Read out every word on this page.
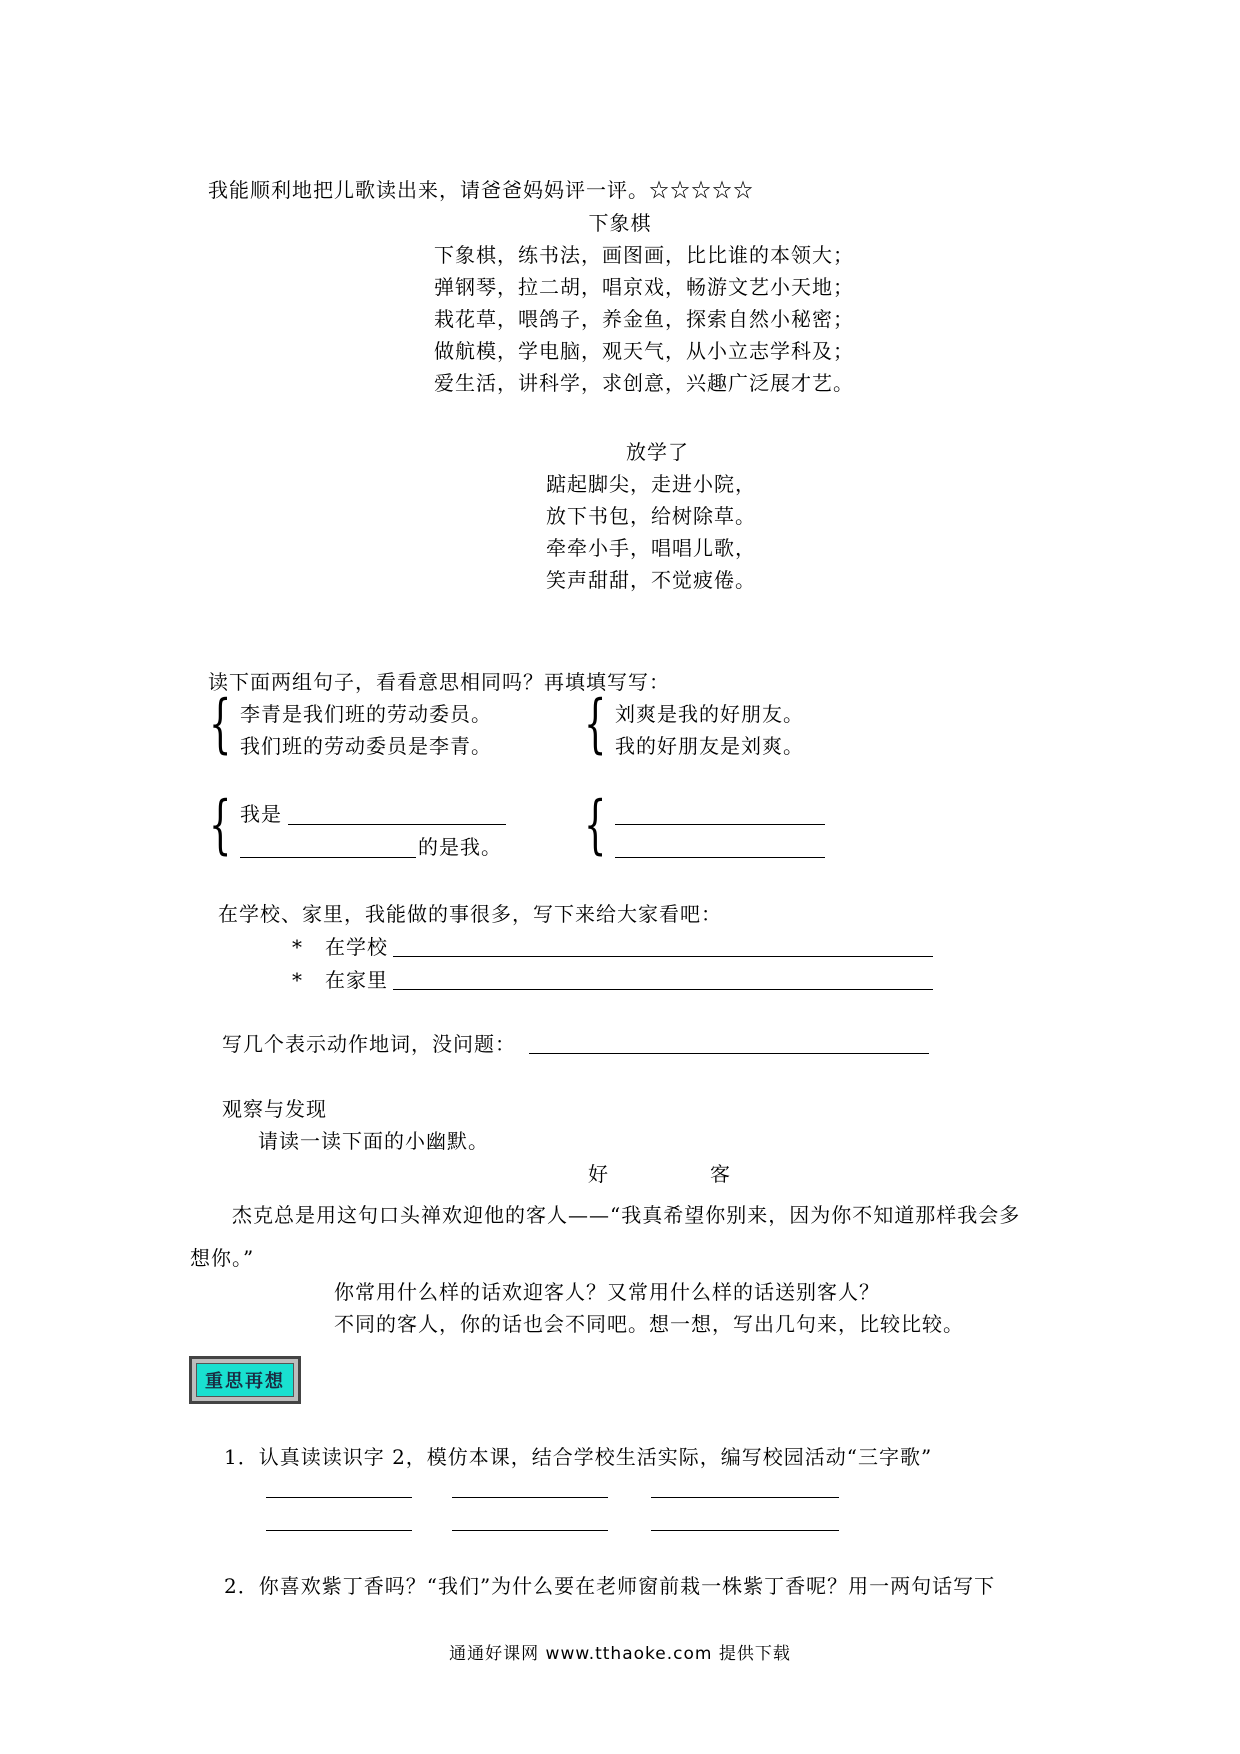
我能顺利地把儿歌读出来，请爸爸妈妈评一评。☆☆☆☆☆
下象棋
下象棋，练书法，画图画，比比谁的本领大；
弹钢琴，拉二胡，唱京戏，畅游文艺小天地；
栽花草，喂鸽子，养金鱼，探索自然小秘密；
做航模，学电脑，观天气，从小立志学科及；
爱生活，讲科学，求创意，兴趣广泛展才艺。
放学了
踮起脚尖，走进小院，
放下书包，给树除草。
牵牵小手，唱唱儿歌，
笑声甜甜，不觉疲倦。
读下面两组句子，看看意思相同吗？再填填写写：
{ 李青是我们班的劳动委员。
我们班的劳动委员是李青。 { 刘爽是我的好朋友。
我的好朋友是刘爽。
{ 我是
的是我。 {
在学校、家里，我能做的事很多，写下来给大家看吧：
* 在学校
* 在家里
写几个表示动作地词，没问题：
观察与发现
请读一读下面的小幽默。
好	客
杰克总是用这句口头禅欢迎他的客人——“我真希望你别来，因为你不知道那样我会多
想你。”
你常用什么样的话欢迎客人？又常用什么样的话送别客人？
不同的客人，你的话也会不同吧。想一想，写出几句来，比较比较。
重思再想
1．认真读读识字 2，模仿本课，结合学校生活实际，编写校园活动“三字歌”
2．你喜欢紫丁香吗？“我们”为什么要在老师窗前栽一株紫丁香呢？用一两句话写下
通通好课网 www.tthaoke.com 提供下载
